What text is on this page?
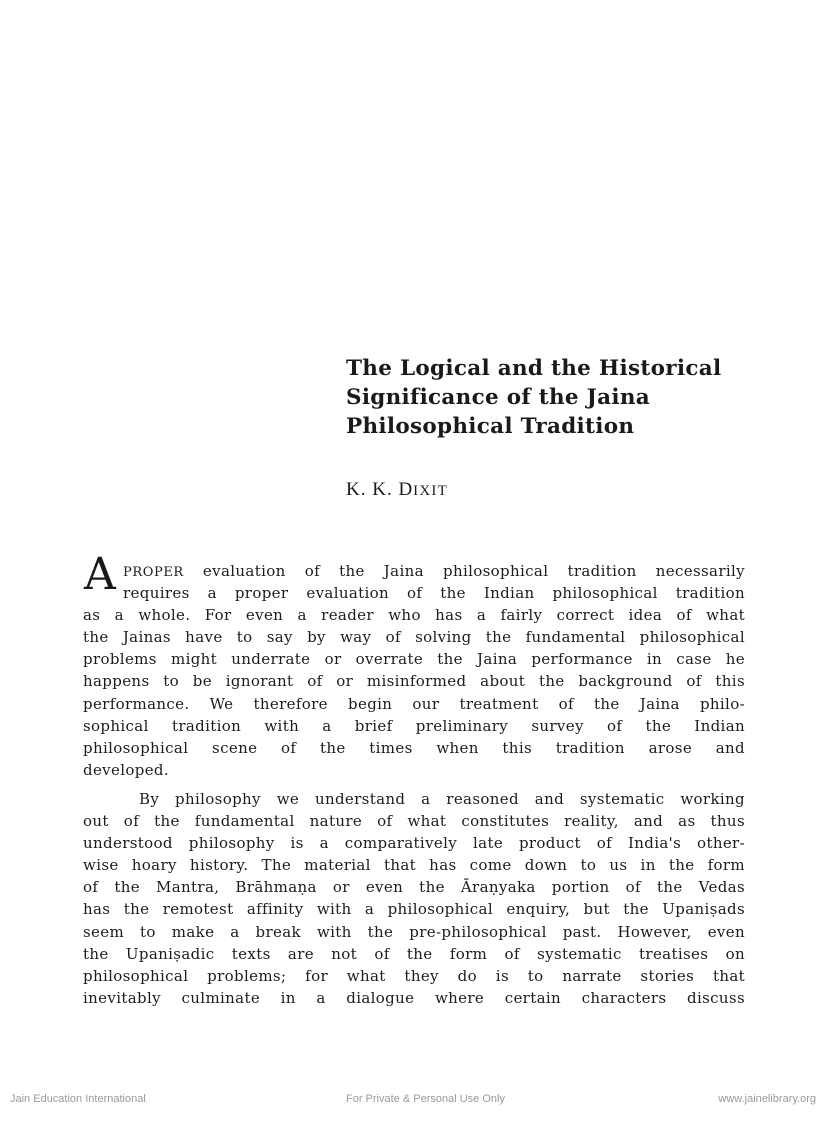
The Logical and the Historical
Significance of the Jaina
Philosophical Tradition
K. K. DIXIT
A PROPER evaluation of the Jaina philosophical tradition necessarily
requires a proper evaluation of the Indian philosophical tradition
as a whole. For even a reader who has a fairly correct idea of what
the Jainas have to say by way of solving the fundamental philosophical
problems might underrate or overrate the Jaina performance in case he
happens to be ignorant of or misinformed about the background of this
performance. We therefore begin our treatment of the Jaina philo-
sophical tradition with a brief preliminary survey of the Indian
philosophical scene of the times when this tradition arose and
developed.
By philosophy we understand a reasoned and systematic working
out of the fundamental nature of what constitutes reality, and as thus
understood philosophy is a comparatively late product of India's other-
wise hoary history. The material that has come down to us in the form
of the Mantra, Brāhmaṇa or even the Āraṇyaka portion of the Vedas
has the remotest affinity with a philosophical enquiry, but the Upaniṣads
seem to make a break with the pre-philosophical past. However, even
the Upaniṣadic texts are not of the form of systematic treatises on
philosophical problems; for what they do is to narrate stories that
inevitably culminate in a dialogue where certain characters discuss
Jain Education International	For Private & Personal Use Only	www.jainelibrary.org
